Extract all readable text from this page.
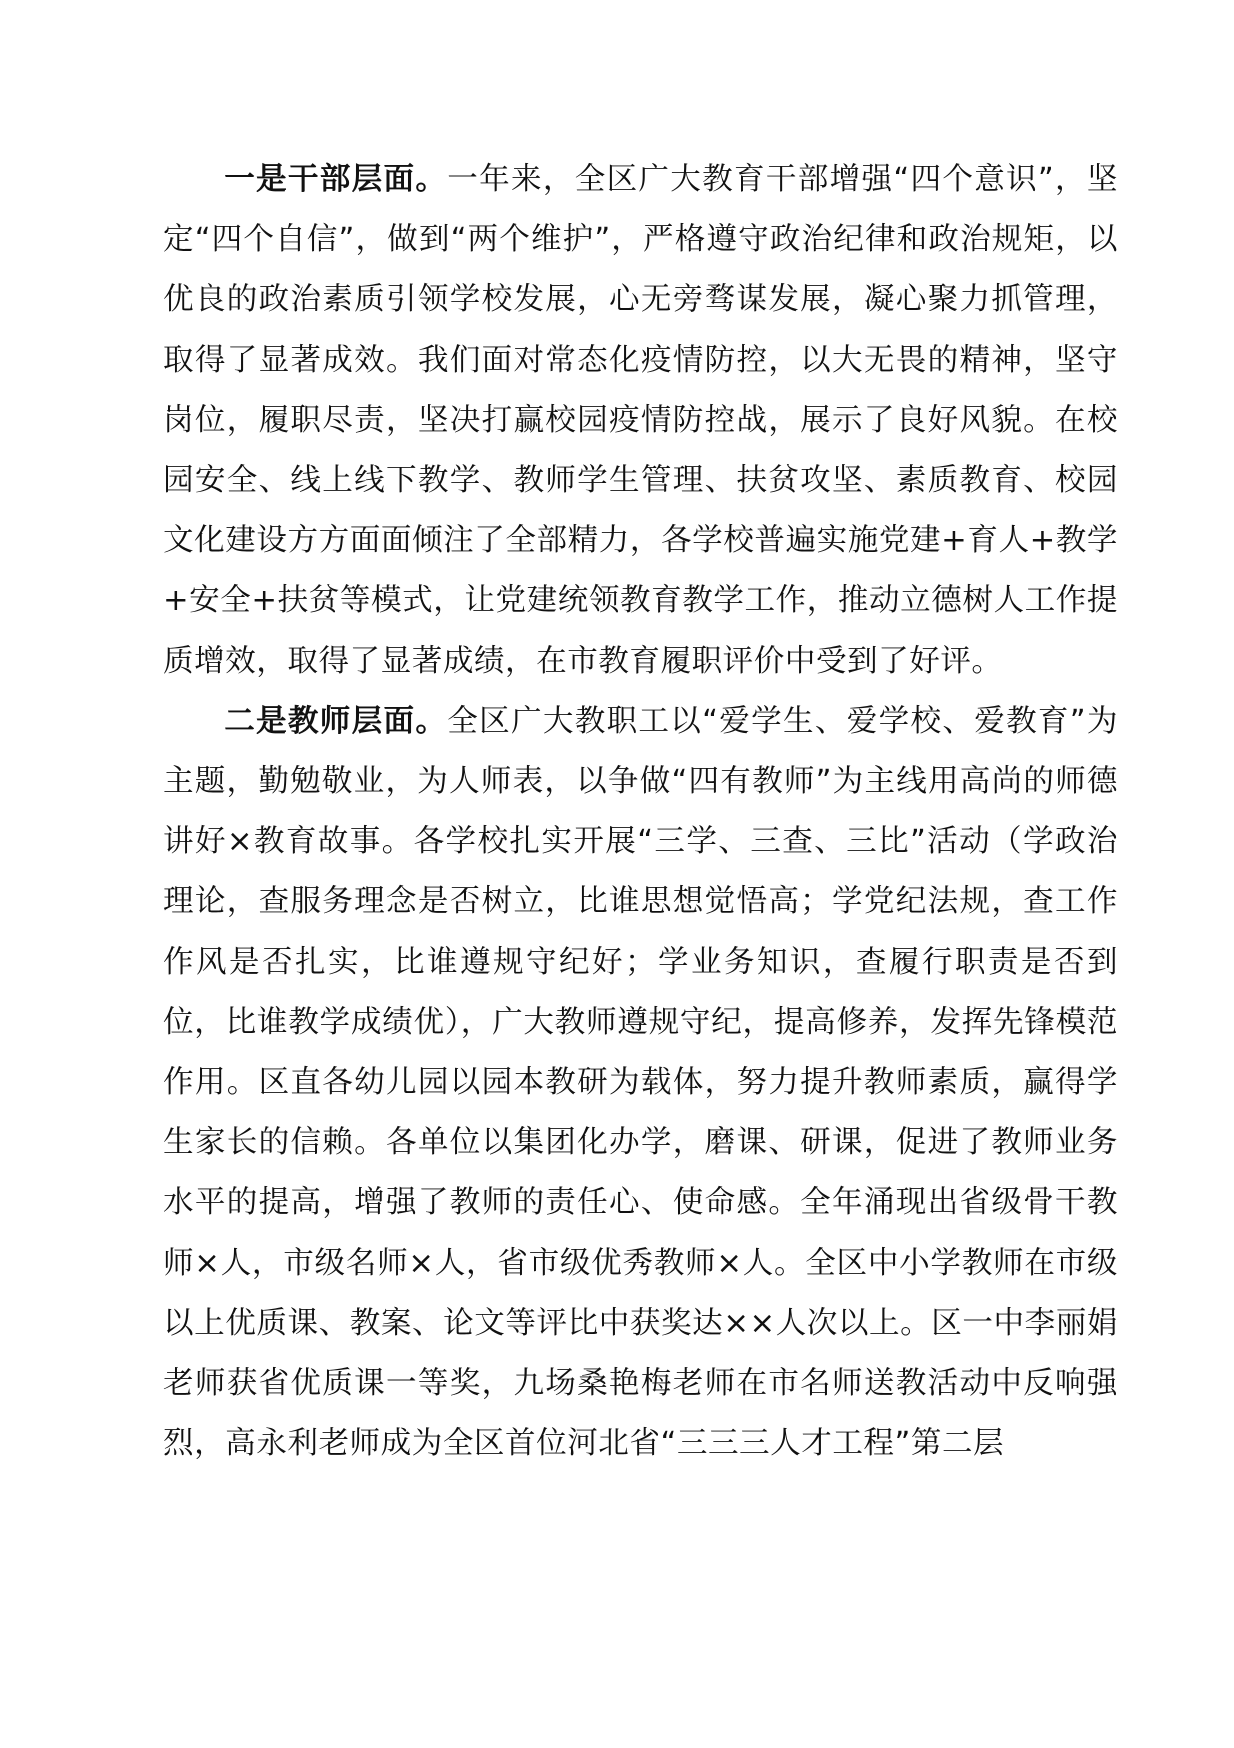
一是干部层面。一年来，全区广大教育干部增强“四个意识”，坚定“四个自信”，做到“两个维护”，严格遵守政治纪律和政治规矩，以优良的政治素质引领学校发展，心无旁骛谋发展，凝心聚力抓管理，取得了显著成效。我们面对常态化疫情防控，以大无畏的精神，坚守岗位，履职尽责，坚决打赢校园疫情防控战，展示了良好风貌。在校园安全、线上线下教学、教师学生管理、扶贫攻坚、素质教育、校园文化建设方方面面倾注了全部精力，各学校普遍实施党建+育人+教学+安全+扶贫等模式，让党建统领教育教学工作，推动立德树人工作提质增效，取得了显著成绩，在市教育履职评价中受到了好评。

二是教师层面。全区广大教职工以“爱学生、爱学校、爱教育”为主题，勤勉敬业，为人师表，以争做“四有教师”为主线用高尚的师德讲好×教育故事。各学校扎实开展“三学、三查、三比”活动（学政治理论，查服务理念是否树立，比谁思想觉悟高；学党纪法规，查工作作风是否扎实，比谁遵规守纪好；学业务知识，查履行职责是否到位，比谁教学成绩优），广大教师遵规守纪，提高修养，发挥先锋模范作用。区直各幼儿园以园本教研为载体，努力提升教师素质，赢得学生家长的信赖。各单位以集团化办学，磨课、研课，促进了教师业务水平的提高，增强了教师的责任心、使命感。全年涌现出省级骨干教师×人，市级名师×人，省市级优秀教师×人。全区中小学教师在市级以上优质课、教案、论文等评比中获奖达××人次以上。区一中李丽娟老师获省优质课一等奖，九场桑艳梅老师在市名师送教活动中反响强烈，高永利老师成为全区首位河北省“三三三人才工程”第二层
